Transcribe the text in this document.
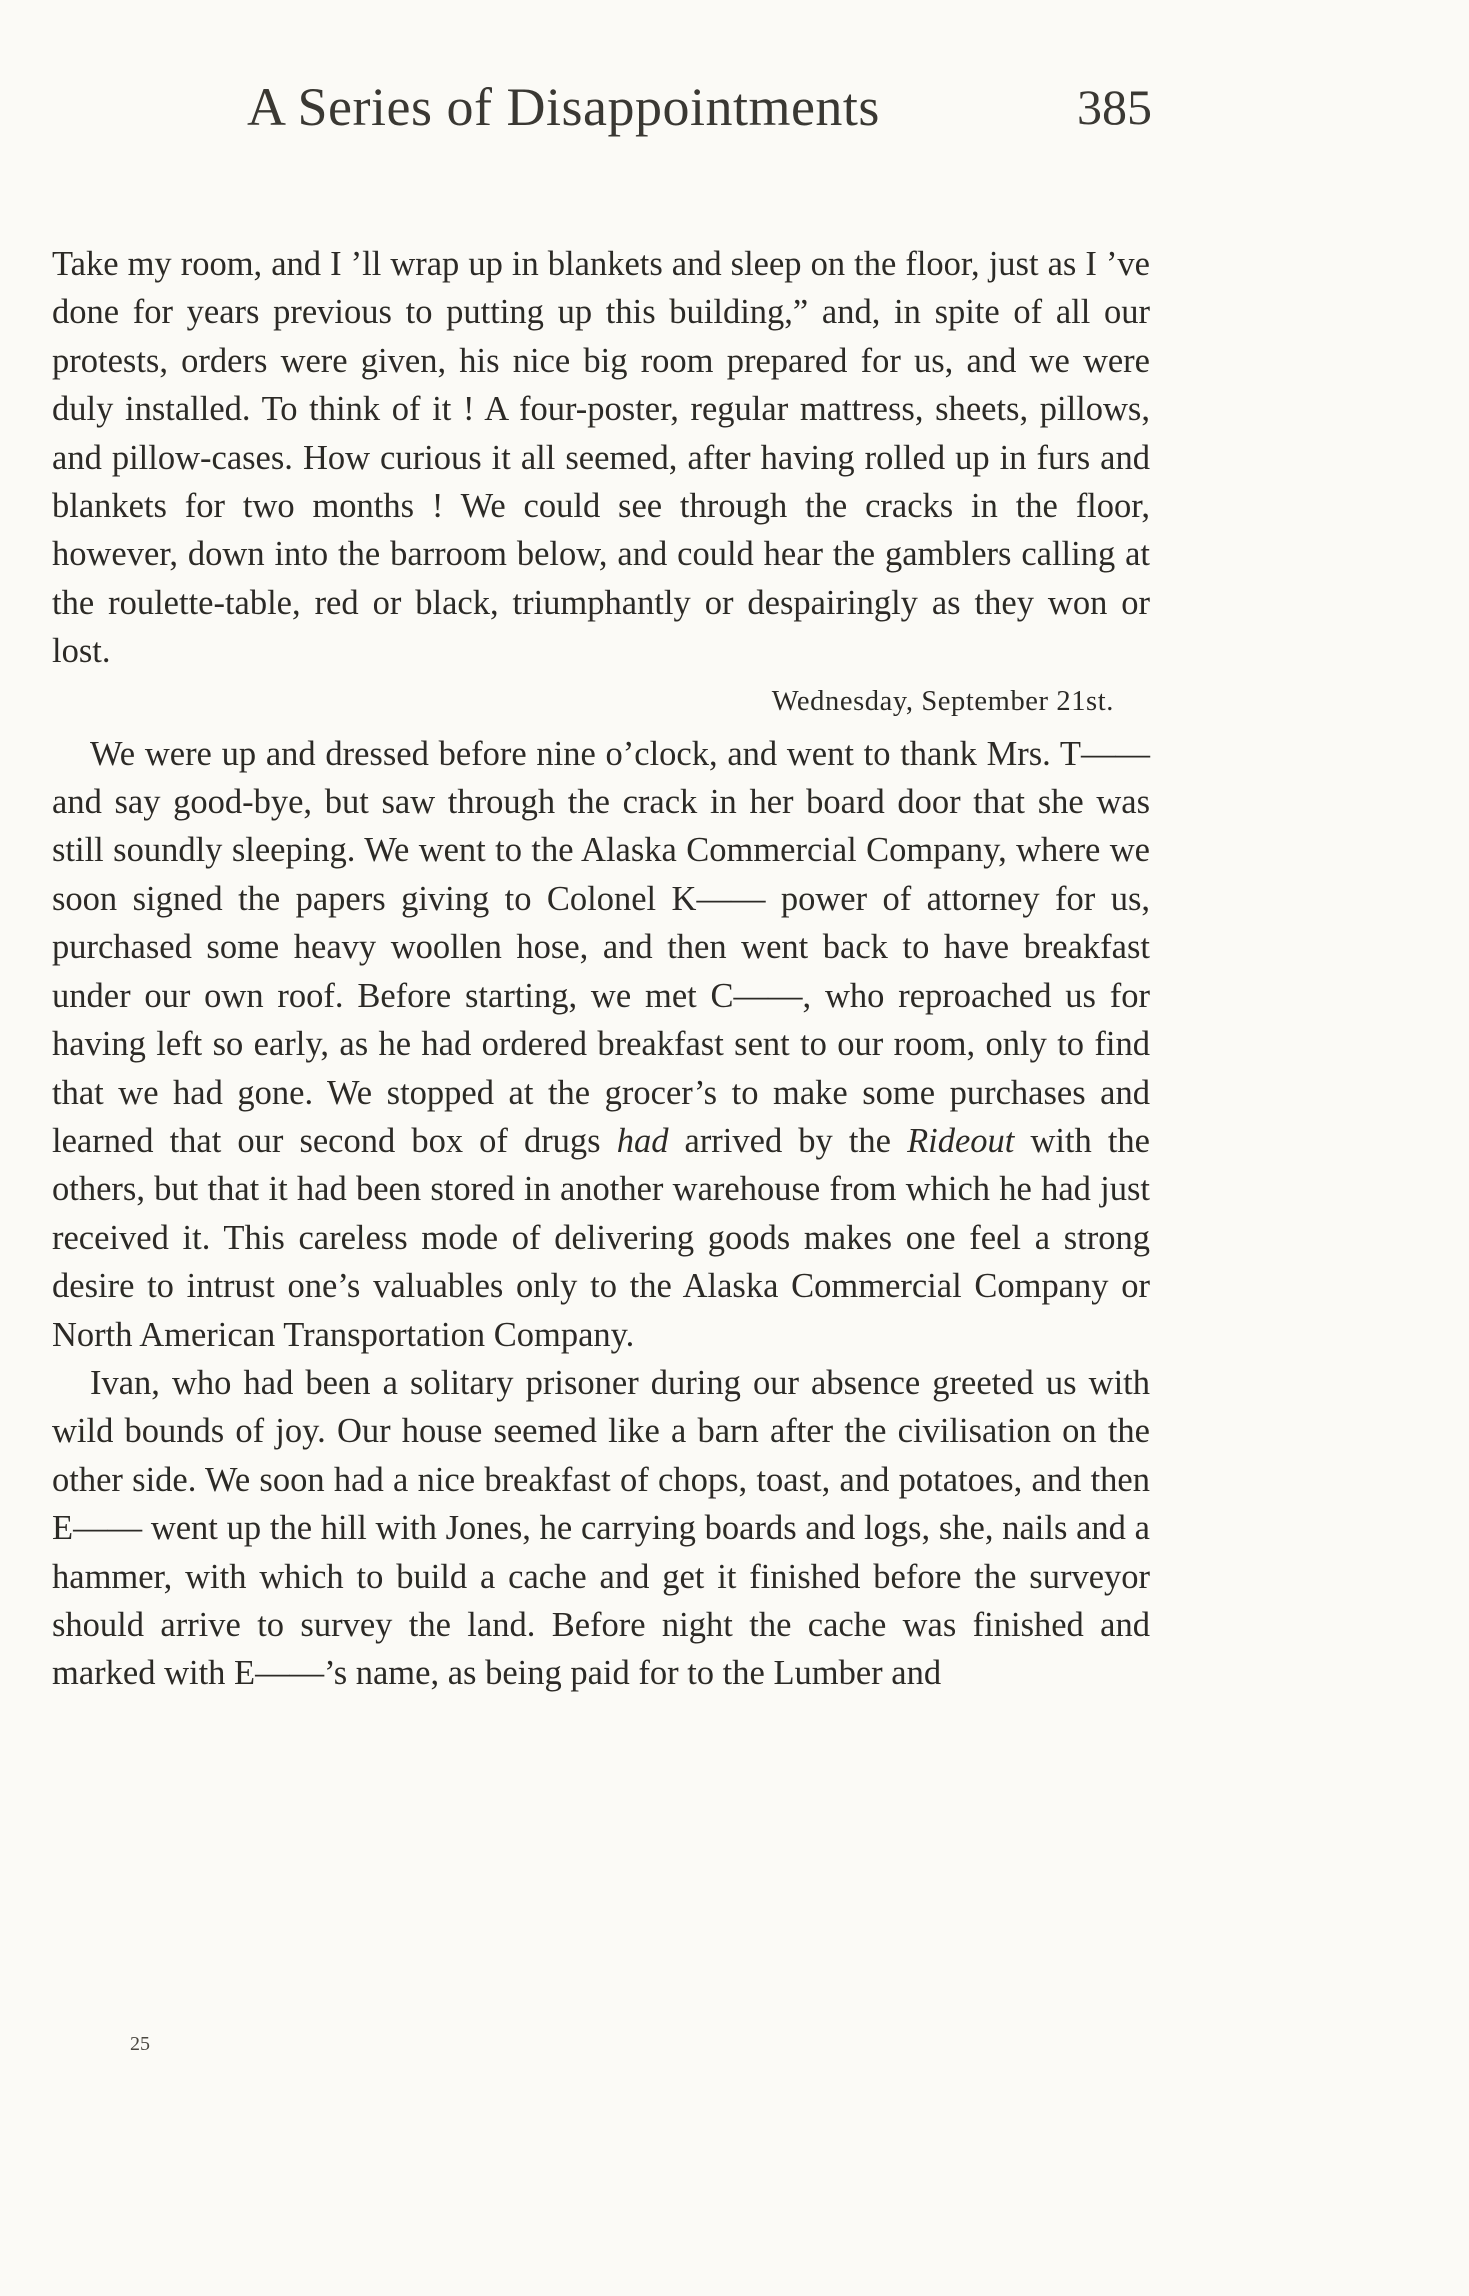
A Series of Disappointments	385

Take my room, and I ’ll wrap up in blankets and sleep on the floor, just as I ’ve done for years previous to putting up this building,” and, in spite of all our protests, orders were given, his nice big room prepared for us, and we were duly installed. To think of it ! A four-poster, regular mattress, sheets, pillows, and pillow-cases. How curious it all seemed, after having rolled up in furs and blankets for two months ! We could see through the cracks in the floor, however, down into the barroom below, and could hear the gamblers calling at the roulette-table, red or black, triumphantly or despairingly as they won or lost.

Wednesday, September 21st.

We were up and dressed before nine o’clock, and went to thank Mrs. T—— and say good-bye, but saw through the crack in her board door that she was still soundly sleeping. We went to the Alaska Commercial Company, where we soon signed the papers giving to Colonel K—— power of attorney for us, purchased some heavy woollen hose, and then went back to have breakfast under our own roof. Before starting, we met C——, who reproached us for having left so early, as he had ordered breakfast sent to our room, only to find that we had gone. We stopped at the grocer’s to make some purchases and learned that our second box of drugs had arrived by the Rideout with the others, but that it had been stored in another warehouse from which he had just received it. This careless mode of delivering goods makes one feel a strong desire to intrust one’s valuables only to the Alaska Commercial Company or North American Transportation Company.

Ivan, who had been a solitary prisoner during our absence greeted us with wild bounds of joy. Our house seemed like a barn after the civilisation on the other side. We soon had a nice breakfast of chops, toast, and potatoes, and then E—— went up the hill with Jones, he carrying boards and logs, she, nails and a hammer, with which to build a cache and get it finished before the surveyor should arrive to survey the land. Before night the cache was finished and marked with E——’s name, as being paid for to the Lumber and

25
